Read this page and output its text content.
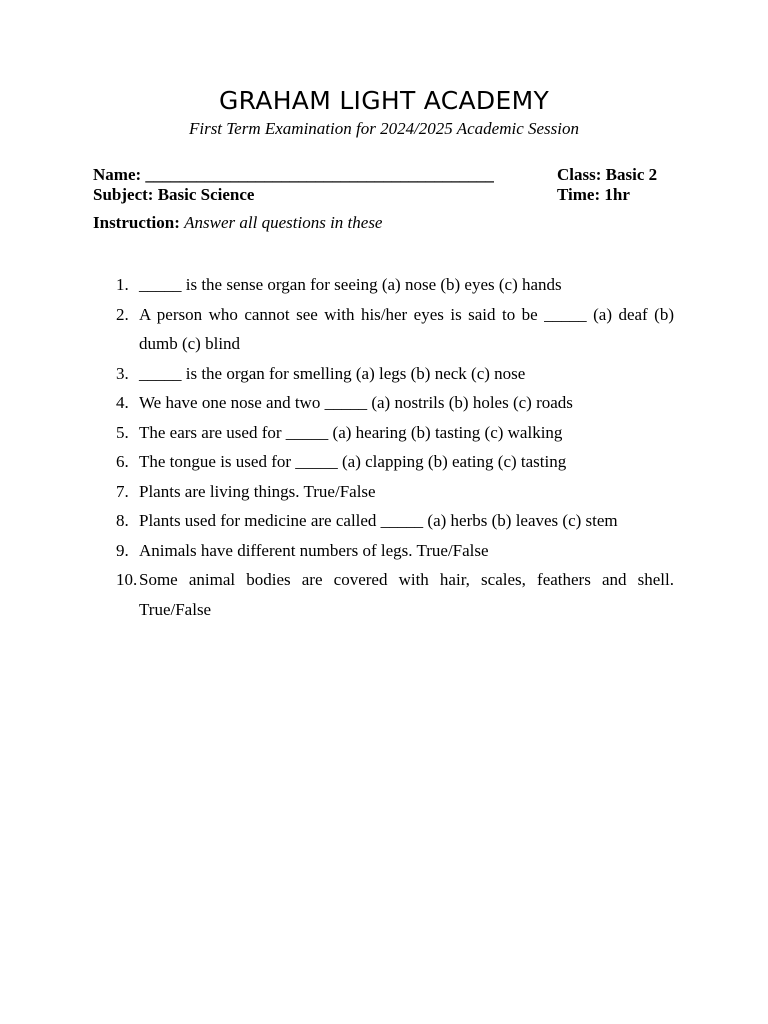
GRAHAM LIGHT ACADEMY
First Term Examination for 2024/2025 Academic Session
Name: _________________________________________	Class: Basic 2
Subject: Basic Science	Time: 1hr
Instruction: Answer all questions in these
1. _____ is the sense organ for seeing (a) nose (b) eyes (c) hands
2. A person who cannot see with his/her eyes is said to be _____ (a) deaf (b) dumb (c) blind
3. _____ is the organ for smelling (a) legs (b) neck (c) nose
4. We have one nose and two _____ (a) nostrils (b) holes (c) roads
5. The ears are used for _____ (a) hearing (b) tasting (c) walking
6. The tongue is used for _____ (a) clapping (b) eating (c) tasting
7. Plants are living things. True/False
8. Plants used for medicine are called _____ (a) herbs (b) leaves (c) stem
9. Animals have different numbers of legs. True/False
10. Some animal bodies are covered with hair, scales, feathers and shell. True/False
